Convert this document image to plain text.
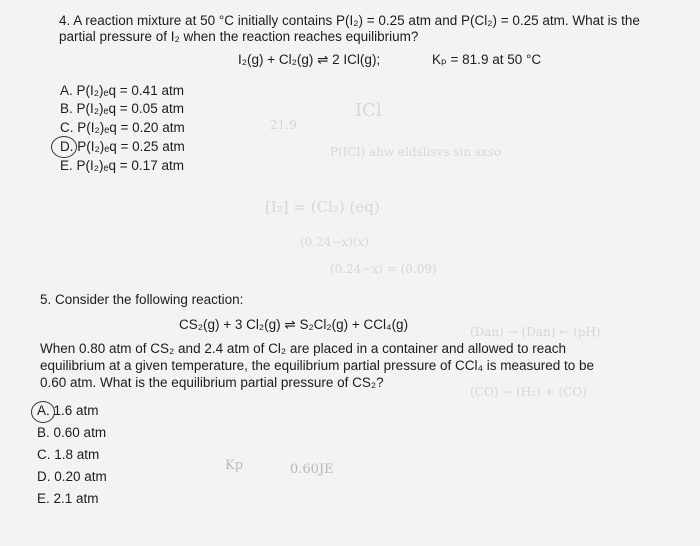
ICl
21.9
P(ICl) ahw eldslisvs sin sxso
[I₂] = (Cl₂) (eq)
(0.24−x)(x)
(0.24−x) = (0.09)
(Dan) → (Dan) ← (pH)
(CO) → (H₂) + (CO)
4. A reaction mixture at 50 °C initially contains P(I₂) = 0.25 atm and P(Cl₂) = 0.25 atm. What is the
partial pressure of I₂ when the reaction reaches equilibrium?
I₂(g) + Cl₂(g) ⇌ 2 ICl(g);	Kₚ = 81.9 at 50 °C
A. P(I₂)ₑq = 0.41 atm
B. P(I₂)ₑq = 0.05 atm
C. P(I₂)ₑq = 0.20 atm
D. P(I₂)ₑq = 0.25 atm
E. P(I₂)ₑq = 0.17 atm
5. Consider the following reaction:
CS₂(g) + 3 Cl₂(g) ⇌ S₂Cl₂(g) + CCl₄(g)
When 0.80 atm of CS₂ and 2.4 atm of Cl₂ are placed in a container and allowed to reach
equilibrium at a given temperature, the equilibrium partial pressure of CCl₄ is measured to be
0.60 atm. What is the equilibrium partial pressure of CS₂?
A. 1.6 atm
B. 0.60 atm
C. 1.8 atm
D. 0.20 atm
E. 2.1 atm
Kp	0.60JE
